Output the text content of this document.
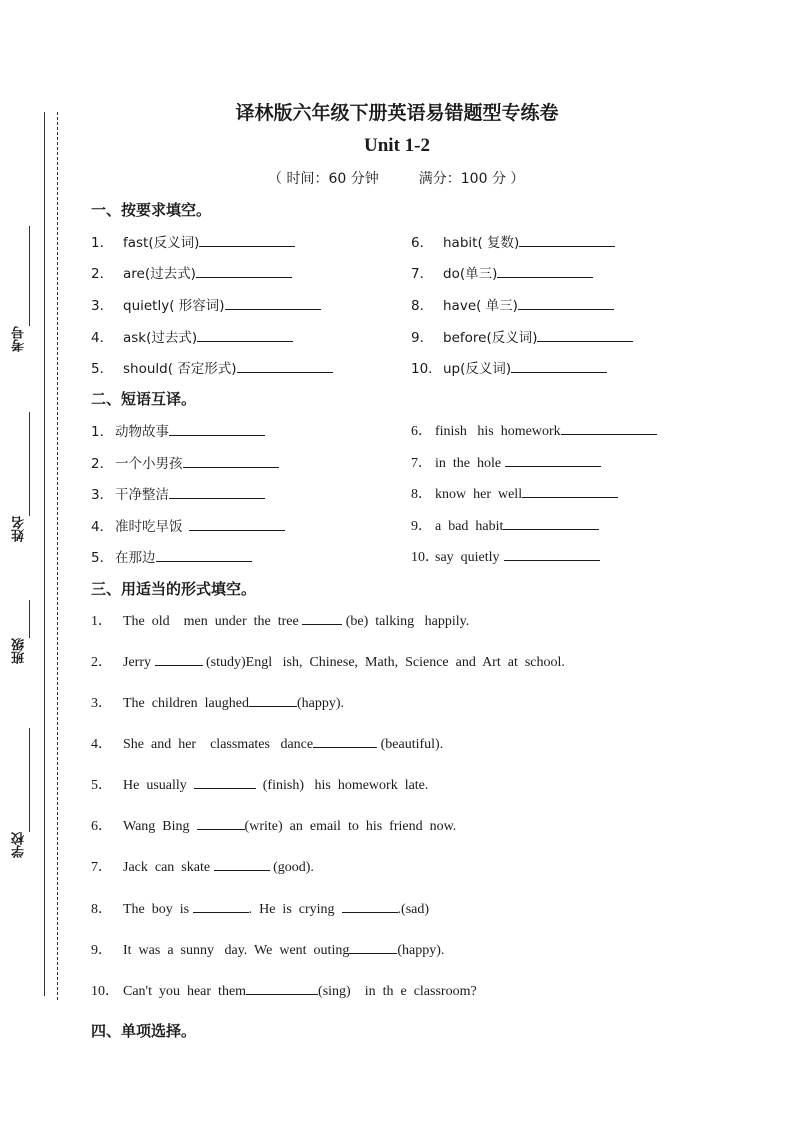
考号
姓名
班级
学校
译林版六年级下册英语易错题型专练卷
Unit 1-2
（ 时间：60 分钟         满分：100 分 ）
一、按要求填空。
1． fast(反义词)
2． are(过去式)
3． quietly( 形容词)
4． ask(过去式)
5． should( 否定形式)
6． habit( 复数)
7． do(单三)
8． have( 单三)
9． before(反义词)
10．up(反义词)
二、短语互译。
1． 动物故事
2． 一个小男孩
3． 干净整洁
4． 准时吃早饭
5． 在那边
6． finish   his  homework
7． in  the  hole
8． know  her  well
9． a  bad  habit
10．say  quietly
三、用适当的形式填空。
1． The  old    men  under  the  tree	(be)  talking   happily.
2． Jerry	(study)Engl   ish,  Chinese,  Math,  Science  and  Art  at  school.
3． The  children  laughed	(happy).
4． She  and  her    classmates   dance	(beautiful).
5． He  usually	(finish)   his  homework  late.
6． Wang  Bing	(write)  an  email  to  his  friend  now.
7． Jack  can  skate	(good).
8． The  boy  is	.  He  is  crying	.(sad)
9． It  was  a  sunny   day.  We  went  outing	(happy).
10． Can't  you  hear  them	(sing)    in  th  e  classroom?
四、单项选择。
